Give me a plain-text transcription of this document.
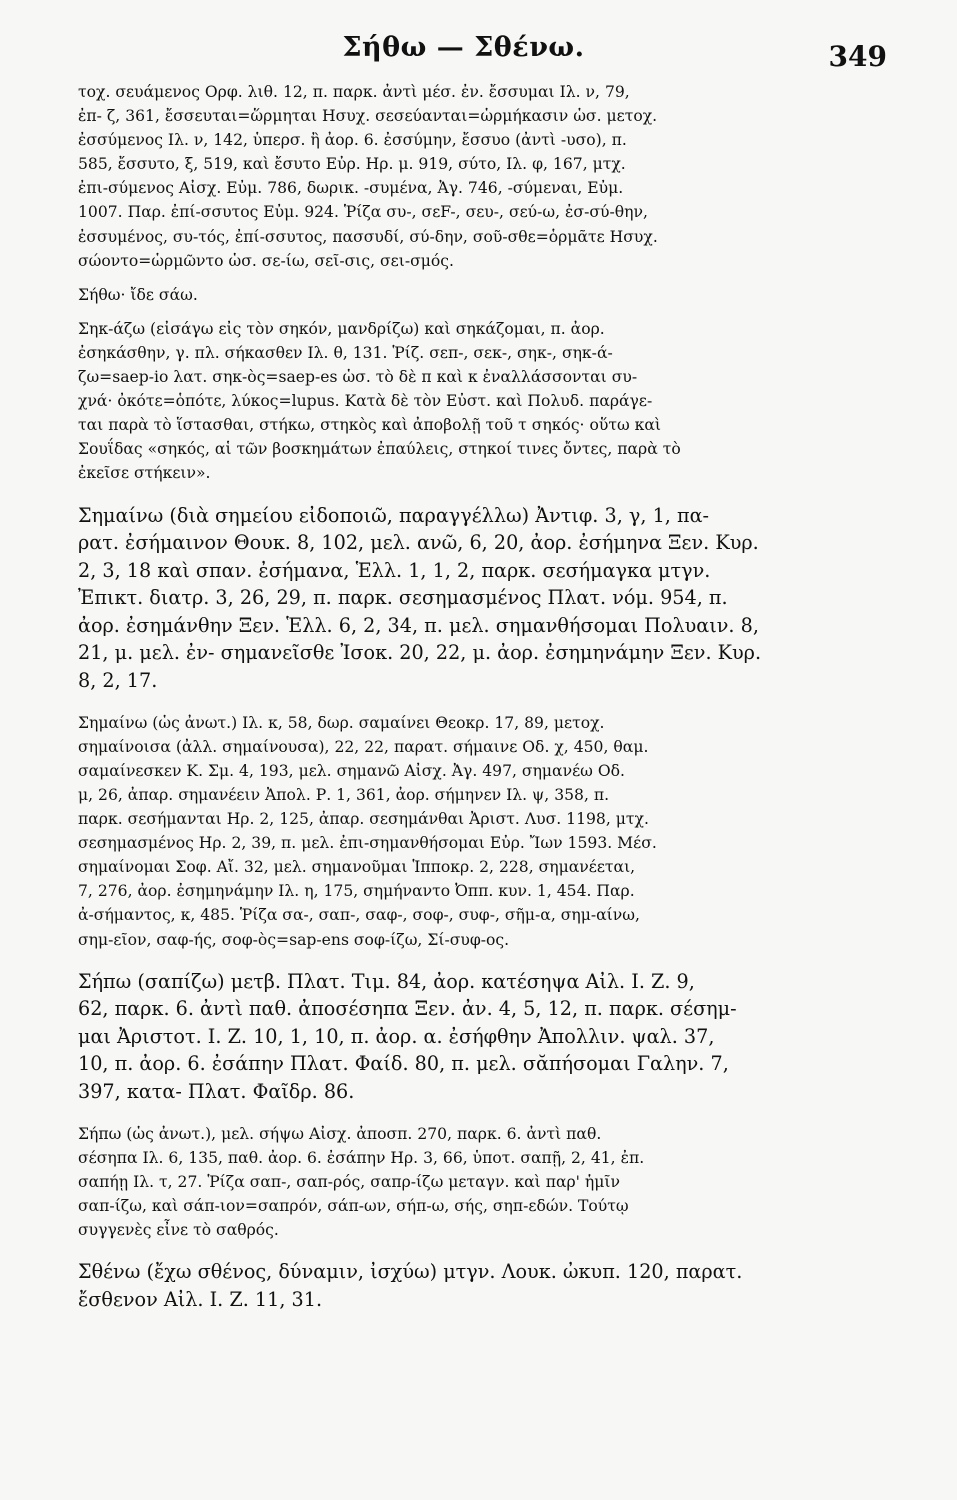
Σήθω — Σθένω.	349
τοχ. σευάμενος Ορφ. λιθ. 12, π. παρκ. ἀντὶ μέσ. ἐν. ἔσσυμαι Ιλ. ν, 79,
ἐπ- ζ, 361, ἔσσευται=ὥρμηται Ησυχ. σεσεύανται=ὡρμήκασιν ὡσ. μετοχ.
ἐσσύμενος Ιλ. ν, 142, ὑπερσ. ἢ ἀορ. 6. ἐσσύμην, ἔσσυο (ἀντὶ -υσο), π.
585, ἔσσυτο, ξ, 519, καὶ ἔσυτο Εὐρ. Ηρ. μ. 919, σύτο, Ιλ. φ, 167, μτχ.
ἐπι-σύμενος Αἰσχ. Εὐμ. 786, δωρικ. -συμένα, Ἀγ. 746, -σύμεναι, Εὐμ.
1007. Παρ. ἐπί-σσυτος Εὐμ. 924. Ῥίζα συ-, σεF-, σευ-, σεύ-ω, ἐσ-σύ-θην,
ἐσσυμένος, συ-τός, ἐπί-σσυτος, πασσυδί, σύ-δην, σοῦ-σθε=ὁρμᾶτε Ησυχ.
σώοντο=ὡρμῶντο ὡσ. σε-ίω, σεῖ-σις, σει-σμός.
Σήθω· ἴδε σάω.
Σηκ-άζω (εἰσάγω εἰς τὸν σηκόν, μανδρίζω) καὶ σηκάζομαι, π. ἀορ.
ἐσηκάσθην, γ. πλ. σήκασθεν Ιλ. θ, 131. Ῥίζ. σεπ-, σεκ-, σηκ-, σηκ-ά-
ζω=saep-io λατ. σηκ-ὸς=saep-es ὡσ. τὸ δὲ π καὶ κ ἐναλλάσσονται συ-
χνά· ὀκότε=ὁπότε, λύκος=lupus. Κατὰ δὲ τὸν Εὐστ. καὶ Πολυδ. παράγε-
ται παρὰ τὸ ἵστασθαι, στήκω, στηκὸς καὶ ἀποβολῇ τοῦ τ σηκός· οὕτω καὶ
Σουΐδας «σηκός, αἱ τῶν βοσκημάτων ἐπαύλεις, στηκοί τινες ὄντες, παρὰ τὸ
ἐκεῖσε στήκειν».
Σημαίνω (διὰ σημείου εἰδοποιῶ, παραγγέλλω) Ἀντιφ. 3, γ, 1, πα-
ρατ. ἐσήμαινον Θουκ. 8, 102, μελ. ανῶ, 6, 20, ἀορ. ἐσήμηνα Ξεν. Κυρ.
2, 3, 18 καὶ σπαν. ἐσήμανα, Ἑλλ. 1, 1, 2, παρκ. σεσήμαγκα μτγν.
Ἐπικτ. διατρ. 3, 26, 29, π. παρκ. σεσημασμένος Πλατ. νόμ. 954, π.
ἀορ. ἐσημάνθην Ξεν. Ἑλλ. 6, 2, 34, π. μελ. σημανθήσομαι Πολυαιν. 8,
21, μ. μελ. ἐν- σημανεῖσθε Ἰσοκ. 20, 22, μ. ἀορ. ἐσημηνάμην Ξεν. Κυρ.
8, 2, 17.
Σημαίνω (ὡς ἀνωτ.) Ιλ. κ, 58, δωρ. σαμαίνει Θεοκρ. 17, 89, μετοχ.
σημαίνοισα (ἀλλ. σημαίνουσα), 22, 22, παρατ. σήμαινε Οδ. χ, 450, θαμ.
σαμαίνεσκεν Κ. Σμ. 4, 193, μελ. σημανῶ Αἰσχ. Ἀγ. 497, σημανέω Οδ.
μ, 26, ἀπαρ. σημανέειν Ἀπολ. Ρ. 1, 361, ἀορ. σήμηνεν Ιλ. ψ, 358, π.
παρκ. σεσήμανται Ηρ. 2, 125, ἀπαρ. σεσημάνθαι Ἀριστ. Λυσ. 1198, μτχ.
σεσημασμένος Ηρ. 2, 39, π. μελ. ἐπι-σημανθήσομαι Εὐρ. Ἴων 1593. Μέσ.
σημαίνομαι Σοφ. Αἴ. 32, μελ. σημανοῦμαι Ἱπποκρ. 2, 228, σημανέεται,
7, 276, ἀορ. ἐσημηνάμην Ιλ. η, 175, σημήναντο Ὀππ. κυν. 1, 454. Παρ.
ἀ-σήμαντος, κ, 485. Ῥίζα σα-, σαπ-, σαφ-, σοφ-, συφ-, σῆμ-α, σημ-αίνω,
σημ-εῖον, σαφ-ής, σοφ-ὸς=sap-ens σοφ-ίζω, Σί-συφ-ος.
Σήπω (σαπίζω) μετβ. Πλατ. Τιμ. 84, ἀορ. κατέσηψα Αἰλ. Ι. Ζ. 9,
62, παρκ. 6. ἀντὶ παθ. ἀποσέσηπα Ξεν. ἀν. 4, 5, 12, π. παρκ. σέσημ-
μαι Ἀριστοτ. Ι. Ζ. 10, 1, 10, π. ἀορ. α. ἐσήφθην Ἀπολλιν. ψαλ. 37,
10, π. ἀορ. 6. ἐσάπην Πλατ. Φαίδ. 80, π. μελ. σᾰπήσομαι Γαλην. 7,
397, κατα- Πλατ. Φαῖδρ. 86.
Σήπω (ὡς ἀνωτ.), μελ. σήψω Αἰσχ. ἀποσπ. 270, παρκ. 6. ἀντὶ παθ.
σέσηπα Ιλ. 6, 135, παθ. ἀορ. 6. ἐσάπην Ηρ. 3, 66, ὑποτ. σαπῇ, 2, 41, ἐπ.
σαπήῃ Ιλ. τ, 27. Ῥίζα σαπ-, σαπ-ρός, σαπρ-ίζω μεταγν. καὶ παρ' ἡμῖν
σαπ-ίζω, καὶ σάπ-ιον=σαπρόν, σάπ-ων, σήπ-ω, σής, σηπ-εδών. Τούτῳ
συγγενὲς εἶνε τὸ σαθρός.
Σθένω (ἔχω σθένος, δύναμιν, ἰσχύω) μτγν. Λουκ. ὠκυπ. 120, παρατ.
ἔσθενον Αἰλ. Ι. Ζ. 11, 31.
